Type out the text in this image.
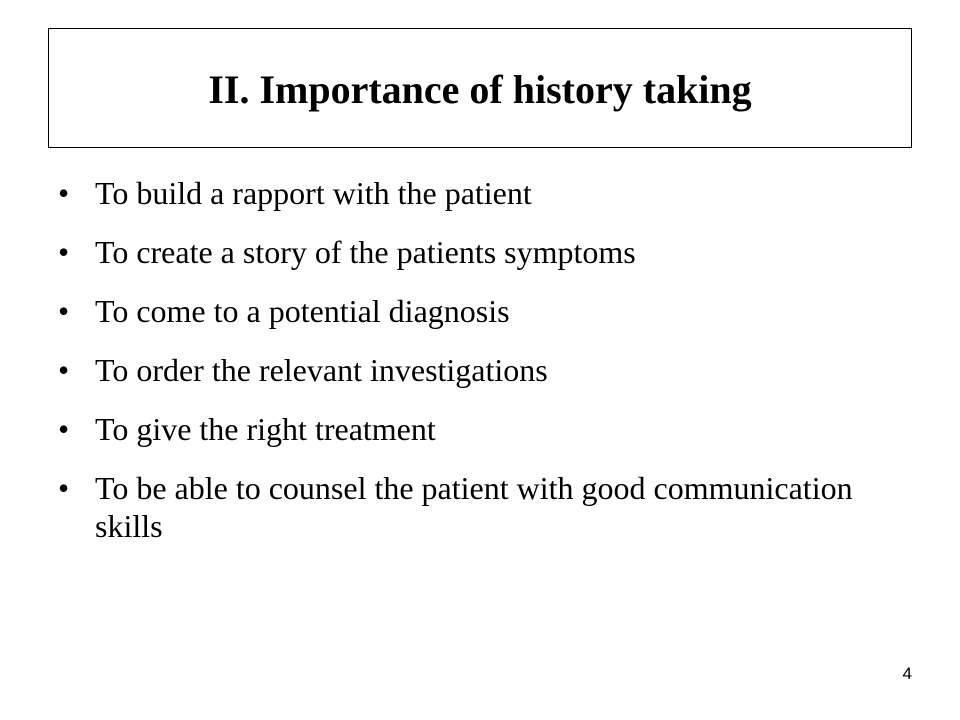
II. Importance of history taking
• To build a rapport with the patient
• To create a story of the patients symptoms
• To come to a potential diagnosis
• To order the relevant investigations
• To give the right treatment
• To be able to counsel the patient with good communication  skills
4
